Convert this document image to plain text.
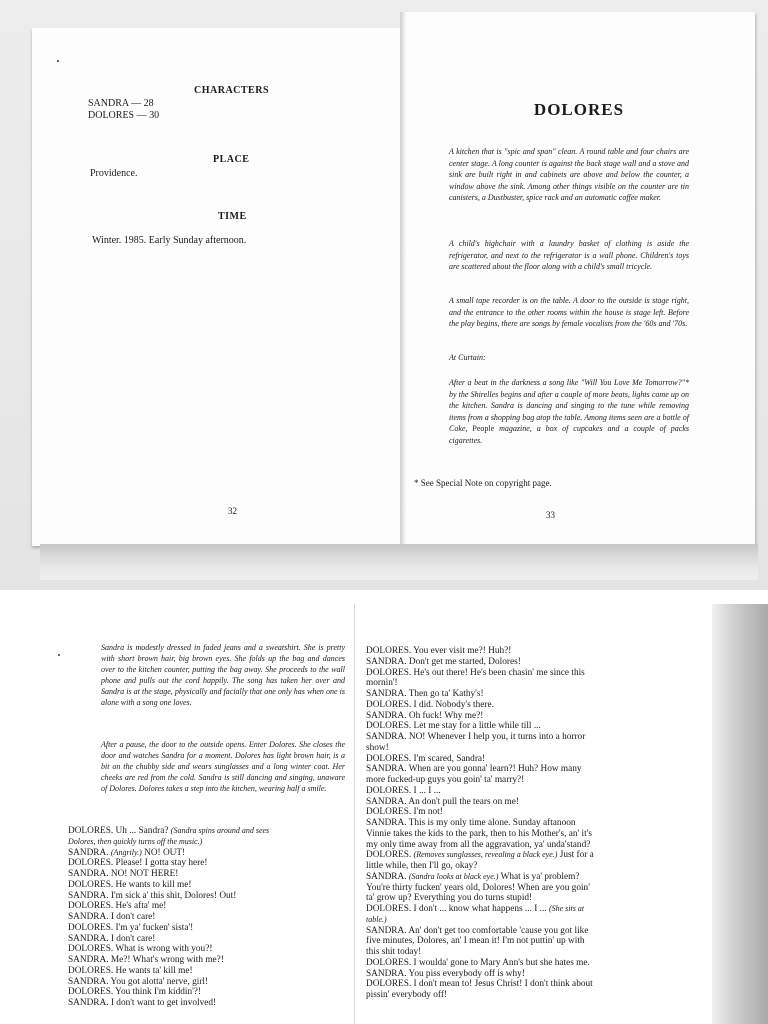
CHARACTERS
SANDRA — 28
DOLORES — 30
PLACE
Providence.
TIME
Winter. 1985. Early Sunday afternoon.
32
DOLORES
A kitchen that is "spic and span" clean. A round table and four chairs are center stage. A long counter is against the back stage wall and a stove and sink are built right in and cabinets are above and below the counter, a window above the sink. Among other things visible on the counter are tin canisters, a Dustbuster, spice rack and an automatic coffee maker.
A child's highchair with a laundry basket of clothing is aside the refrigerator, and next to the refrigerator is a wall phone. Children's toys are scattered about the floor along with a child's small tricycle.
A small tape recorder is on the table. A door to the outside is stage right, and the entrance to the other rooms within the house is stage left. Before the play begins, there are songs by female vocalists from the '60s and '70s.
At Curtain:
After a beat in the darkness a song like "Will You Love Me Tomorrow?"* by the Shirelles begins and after a couple of more beats, lights come up on the kitchen. Sandra is dancing and singing to the tune while removing items from a shopping bag atop the table. Among items seen are a bottle of Coke, People magazine, a box of cupcakes and a couple of packs cigarettes.
* See Special Note on copyright page.
33
Sandra is modestly dressed in faded jeans and a sweatshirt. She is pretty with short brown hair, big brown eyes. She folds up the bag and dances over to the kitchen counter, putting the bag away. She proceeds to the wall phone and pulls out the cord happily. The song has taken her over and Sandra is at the stage, physically and facially that one only has when one is alone with a song one loves.
After a pause, the door to the outside opens. Enter Dolores. She closes the door and watches Sandra for a moment. Dolores has light brown hair, is a bit on the chubby side and wears sunglasses and a long winter coat. Her cheeks are red from the cold. Sandra is still dancing and singing, unaware of Dolores. Dolores takes a step into the kitchen, wearing half a smile.
DOLORES. Uh ... Sandra? (Sandra spins around and sees
Dolores, then quickly turns off the music.)
SANDRA. (Angrily.) NO! OUT!
DOLORES. Please! I gotta stay here!
SANDRA. NO! NOT HERE!
DOLORES. He wants to kill me!
SANDRA. I'm sick a' this shit, Dolores! Out!
DOLORES. He's afta' me!
SANDRA. I don't care!
DOLORES. I'm ya' fucken' sista'!
SANDRA. I don't care!
DOLORES. What is wrong with you?!
SANDRA. Me?! What's wrong with me?!
DOLORES. He wants ta' kill me!
SANDRA. You got alotta' nerve, girl!
DOLORES. You think I'm kiddin'?!
SANDRA. I don't want to get involved!
DOLORES. You ever visit me?! Huh?!
SANDRA. Don't get me started, Dolores!
DOLORES. He's out there! He's been chasin' me since this
mornin'!
SANDRA. Then go ta' Kathy's!
DOLORES. I did. Nobody's there.
SANDRA. Oh fuck! Why me?!
DOLORES. Let me stay for a little while till ...
SANDRA. NO! Whenever I help you, it turns into a horror
show!
DOLORES. I'm scared, Sandra!
SANDRA. When are you gonna' learn?! Huh? How many
more fucked-up guys you goin' ta' marry?!
DOLORES. I ... I ...
SANDRA. An don't pull the tears on me!
DOLORES. I'm not!
SANDRA. This is my only time alone. Sunday aftanoon
Vinnie takes the kids to the park, then to his Mother's, an' it's
my only time away from all the aggravation, ya' unda'stand?
DOLORES. (Removes sunglasses, revealing a black eye.) Just for a
little while, then I'll go, okay?
SANDRA. (Sandra looks at black eye.) What is ya' problem?
You're thirty fucken' years old, Dolores! When are you goin'
ta' grow up? Everything you do turns stupid!
DOLORES. I don't ... know what happens ... I ... (She sits at
table.)
SANDRA. An' don't get too comfortable 'cause you got like
five minutes, Dolores, an' I mean it! I'm not puttin' up with
this shit today!
DOLORES. I woulda' gone to Mary Ann's but she hates me.
SANDRA. You piss everybody off is why!
DOLORES. I don't mean to! Jesus Christ! I don't think about
pissin' everybody off!
